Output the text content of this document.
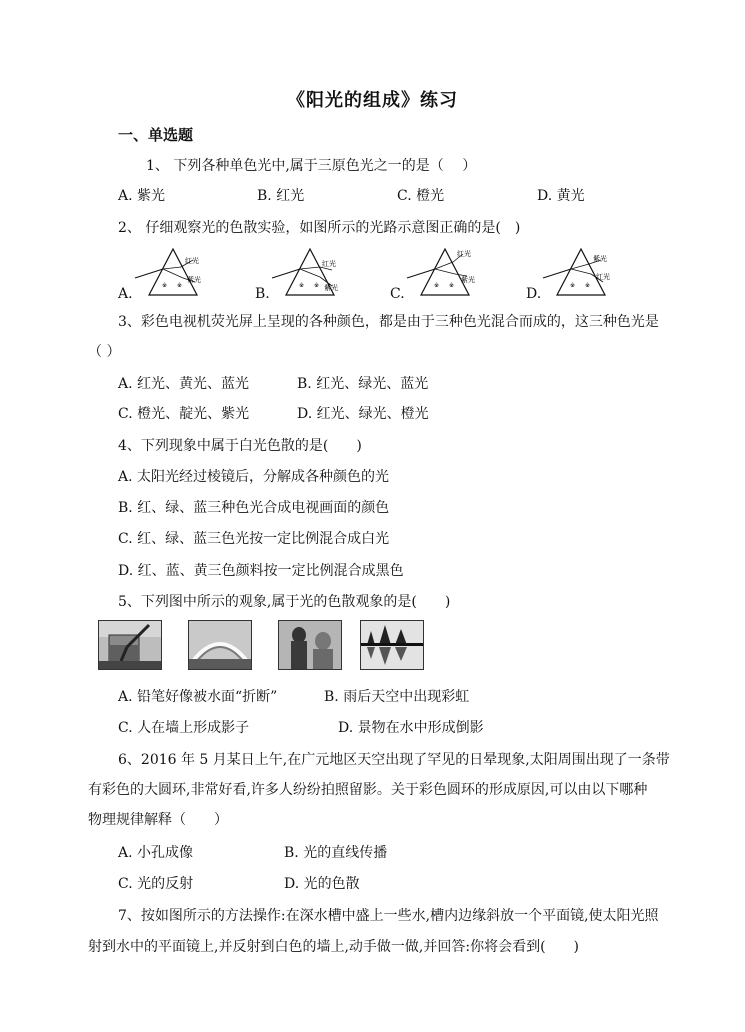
《阳光的组成》练习
一、单选题
1、 下列各种单色光中,属于三原色光之一的是（　 ）
A. 紫光	B. 红光	C. 橙光	D. 黄光
2、 仔细观察光的色散实验，如图所示的光路示意图正确的是(　)
A.
※ ※
红光
紫光
B.
※ ※
红光
紫光	C.
※ ※
红光
紫光
D.
※ ※
紫光
红光
3、彩色电视机荧光屏上呈现的各种颜色，都是由于三种色光混合而成的，这三种色光是
（ ）
A. 红光、黄光、蓝光	B. 红光、绿光、蓝光
C. 橙光、靛光、紫光	D. 红光、绿光、橙光
4、下列现象中属于白光色散的是(　　)
A. 太阳光经过棱镜后，分解成各种颜色的光
B. 红、绿、蓝三种色光合成电视画面的颜色
C. 红、绿、蓝三色光按一定比例混合成白光
D. 红、蓝、黄三色颜料按一定比例混合成黑色
5、下列图中所示的观象,属于光的色散观象的是(　　)
A. 铅笔好像被水面“折断”	B. 雨后天空中出现彩虹
C. 人在墙上形成影子	D. 景物在水中形成倒影
6、2016 年 5 月某日上午,在广元地区天空出现了罕见的日晕现象,太阳周围出现了一条带
有彩色的大圆环,非常好看,许多人纷纷拍照留影。关于彩色圆环的形成原因,可以由以下哪种
物理规律解释（　　）
A. 小孔成像	B. 光的直线传播
C. 光的反射	D. 光的色散
7、按如图所示的方法操作:在深水槽中盛上一些水,槽内边缘斜放一个平面镜,使太阳光照
射到水中的平面镜上,并反射到白色的墙上,动手做一做,并回答:你将会看到(　　)
